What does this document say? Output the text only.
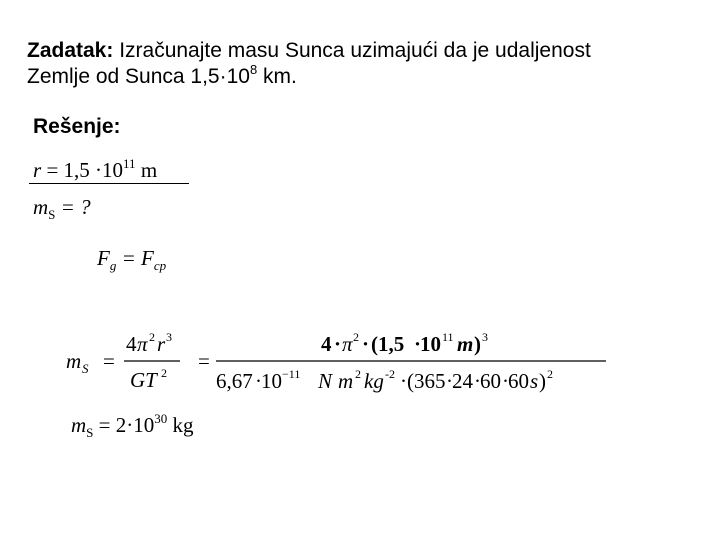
Zadatak: Izračunajte masu Sunca uzimajući da je udaljenost
Zemlje od Sunca $1,5\cdot 10^8$ km.
Rešenje:
$r = 1,5 \cdot 10^{11}$ m
$m_S$ = ?
$F_g = F_{cp}$
m S =
4 π 2 r 3
GT 2 =
4 · π 2 · (1,5 ·
10 11 m ) 3
6,67 · 10 −11 N m 2 kg -2 · (365 · 24 · 60 · 60 s ) 2
$m_S = 2\cdot 10^{30}$ kg
